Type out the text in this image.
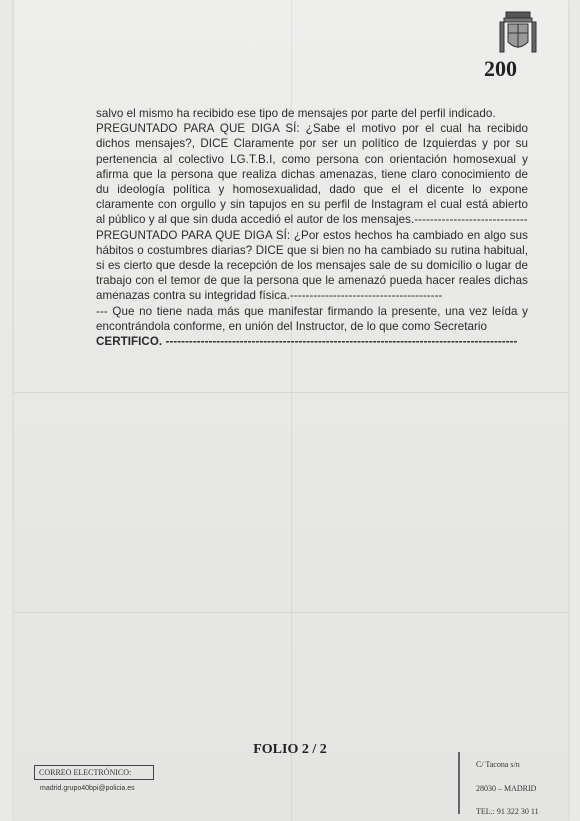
200

salvo el mismo ha recibido ese tipo de mensajes por parte del perfil indicado.

PREGUNTADO PARA QUE DIGA SÍ: ¿Sabe el motivo por el cual ha recibido dichos mensajes?, DICE Claramente por ser un político de Izquierdas y por su pertenencia al colectivo LG.T.B.I, como persona con orientación homosexual y afirma que la persona que realiza dichas amenazas, tiene claro conocimiento de du ideología política y homosexualidad, dado que el el dicente lo expone claramente con orgullo y sin tapujos en su perfil de Instagram el cual está abierto al público y al que sin duda accedió el autor de los mensajes.-----------------------------

PREGUNTADO PARA QUE DIGA SÍ: ¿Por estos hechos ha cambiado en algo sus hábitos o costumbres diarias? DICE que si bien no ha cambiado su rutina habitual, si es cierto que desde la recepción de los mensajes sale de su domicilio o lugar de trabajo con el temor de que la persona que le amenazó pueda hacer reales dichas amenazas contra su integridad física.---------------------------------------

--- Que no tiene nada más que manifestar firmando la presente, una vez leída y encontrándola conforme, en unión del Instructor, de lo que como Secretario

CERTIFICO. ------------------------------------------------------------------------------------------

FOLIO 2 / 2
CORREO ELECTRÓNICO:
madrid.grupo40bpi@policia.es
C/ Tacona s/n
28030 – MADRID
TEL.: 91 322 30 11
